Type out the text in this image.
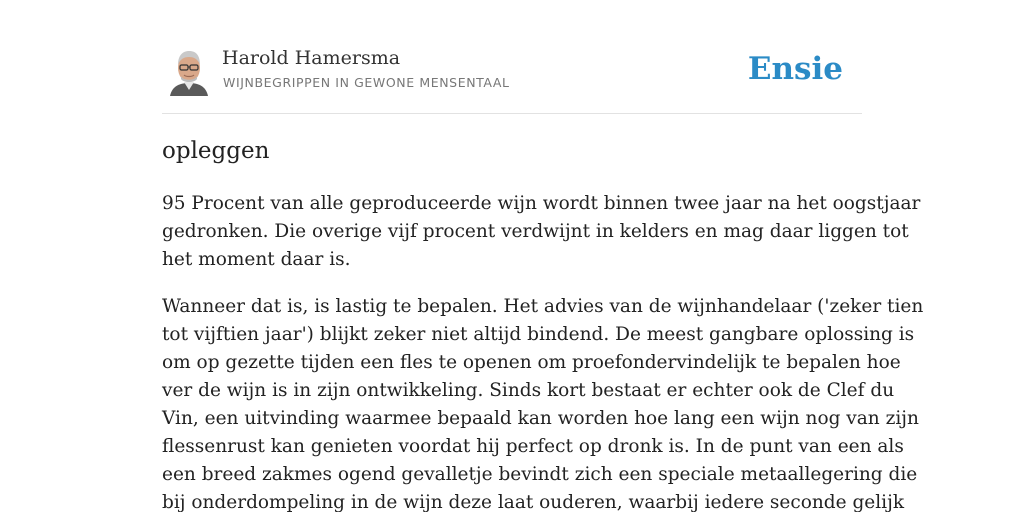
Harold Hamersma
WIJNBEGRIPPEN IN GEWONE MENSENTAAL	Ensie
opleggen

95 Procent van alle geproduceerde wijn wordt binnen twee jaar na het oogstjaar
gedronken. Die overige vijf procent verdwijnt in kelders en mag daar liggen tot
het moment daar is.

Wanneer dat is, is lastig te bepalen. Het advies van de wijnhandelaar ('zeker tien
tot vijftien jaar') blijkt zeker niet altijd bindend. De meest gangbare oplossing is
om op gezette tijden een fles te openen om proefondervindelijk te bepalen hoe
ver de wijn is in zijn ontwikkeling. Sinds kort bestaat er echter ook de Clef du
Vin, een uitvinding waarmee bepaald kan worden hoe lang een wijn nog van zijn
flessenrust kan genieten voordat hij perfect op dronk is. In de punt van een als
een breed zakmes ogend gevalletje bevindt zich een speciale metaallegering die
bij onderdompeling in de wijn deze laat ouderen, waarbij iedere seconde gelijk
